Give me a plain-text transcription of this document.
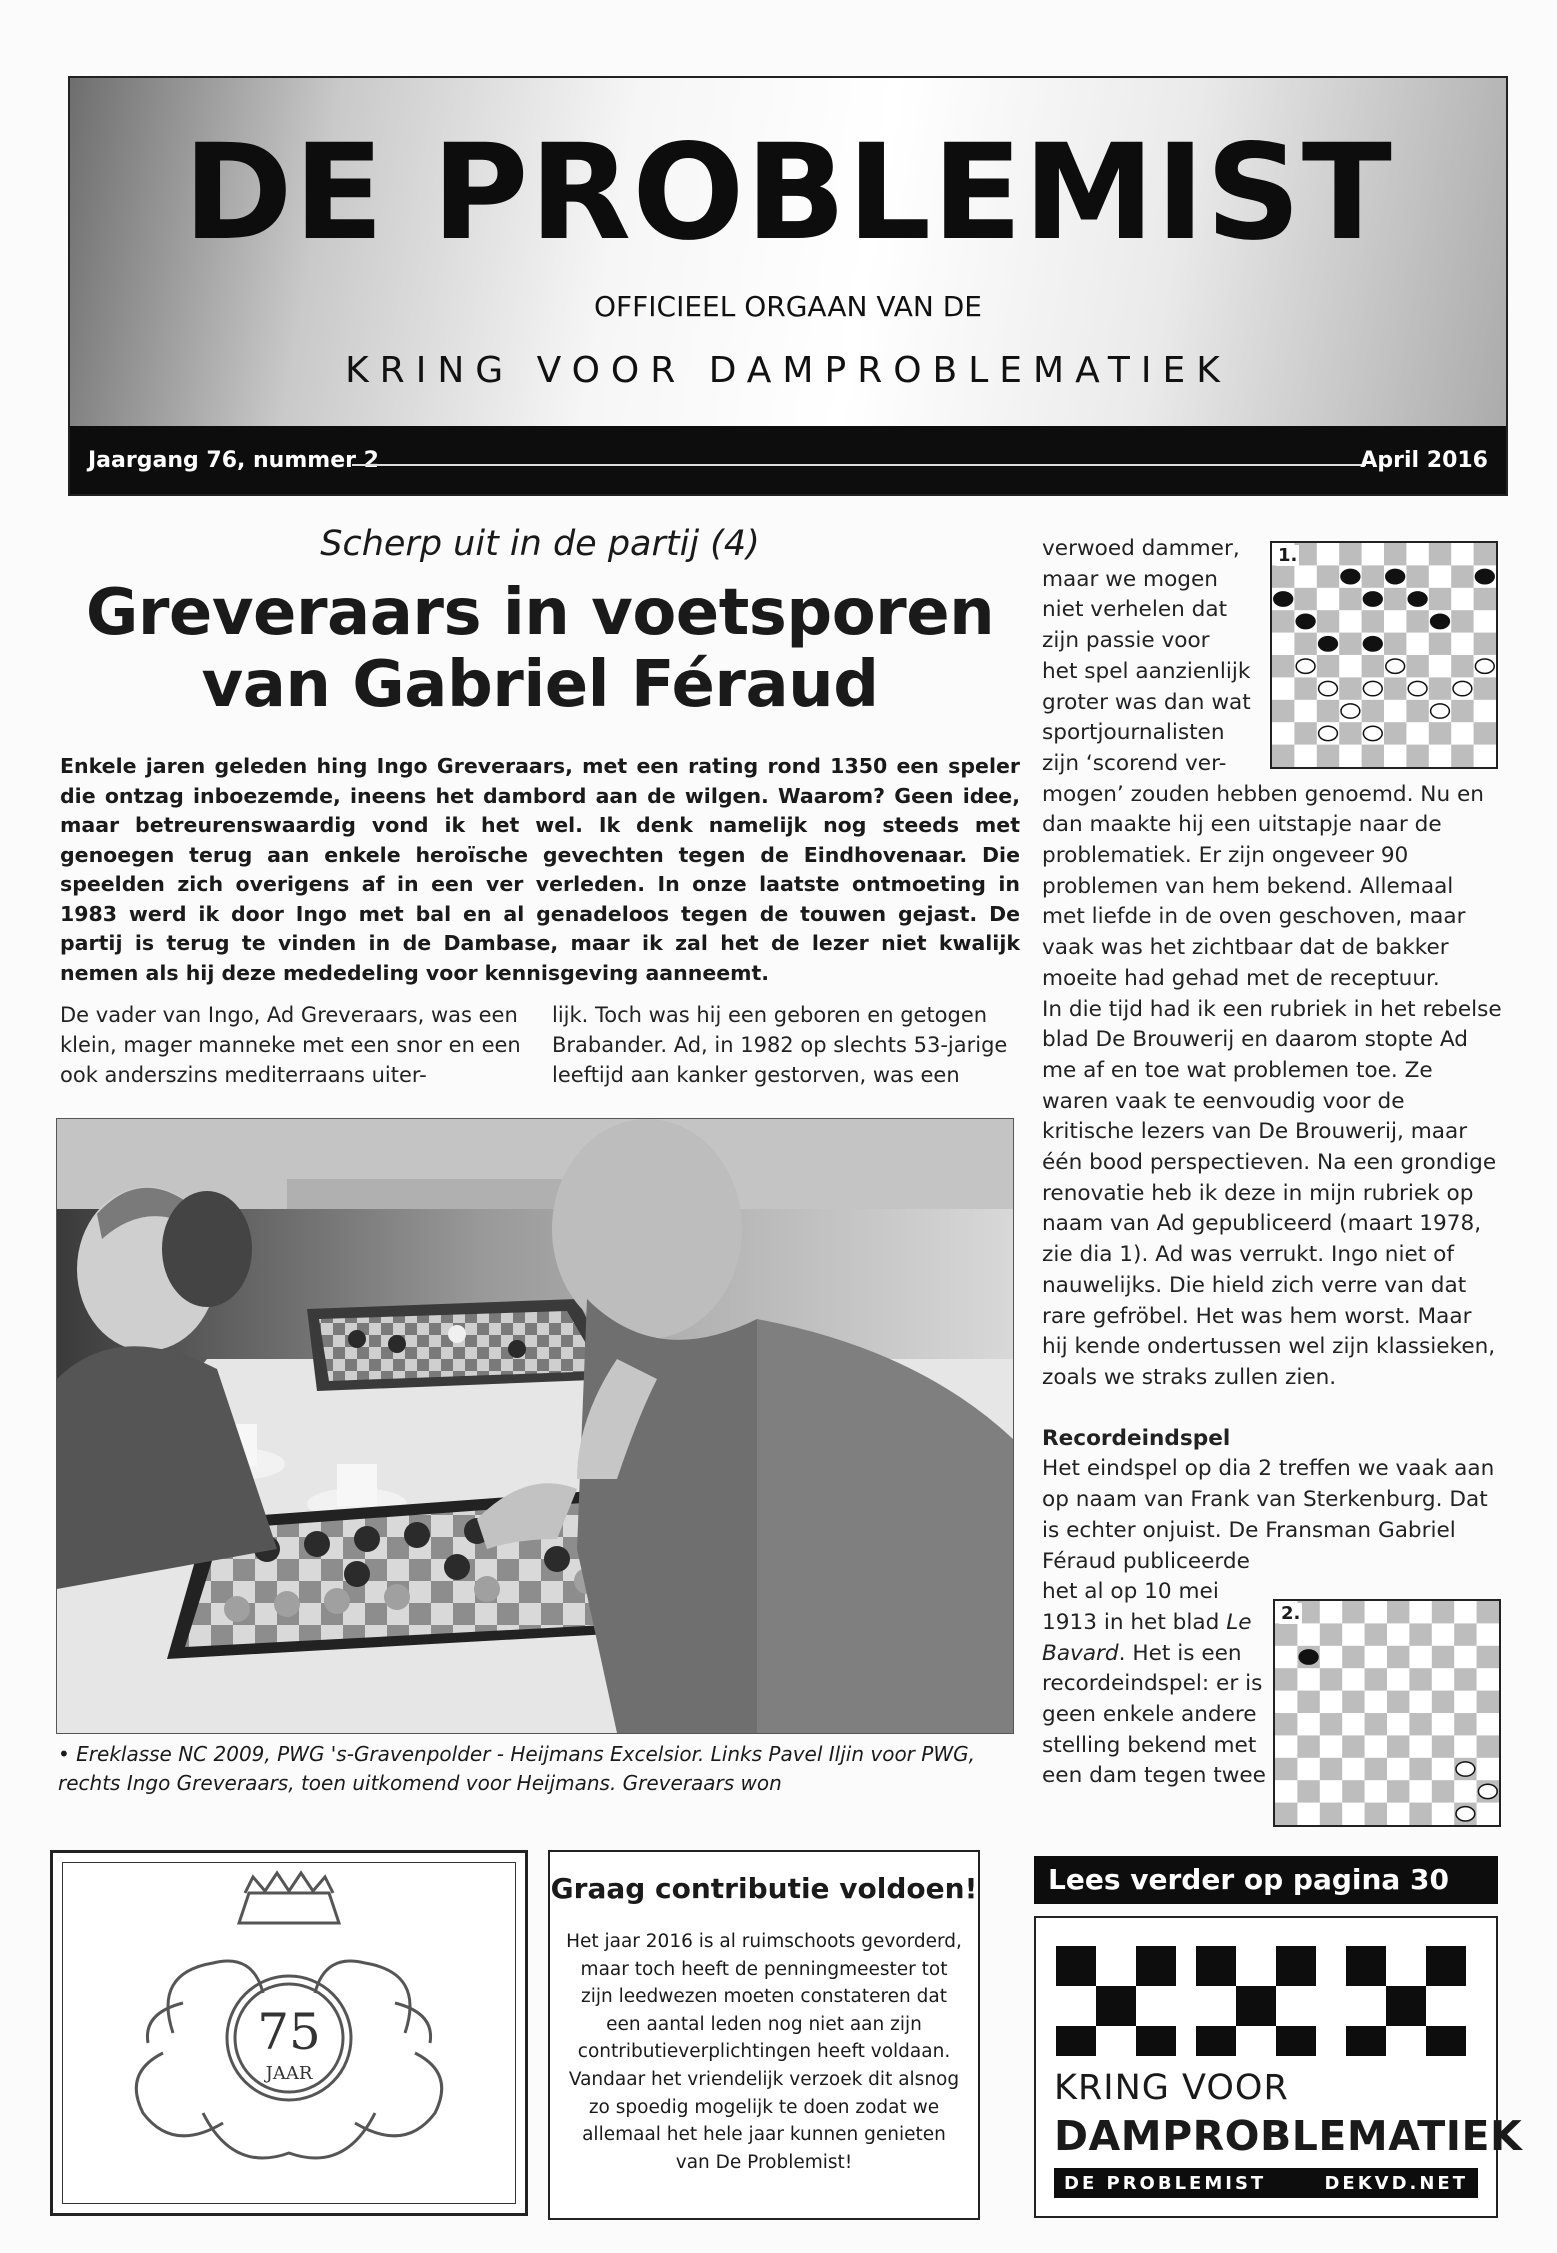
DE PROBLEMIST
OFFICIEEL ORGAAN VAN DE
KRING VOOR DAMPROBLEMATIEK
Jaargang 76, nummer 2	April 2016
Scherp uit in de partij (4)
Greveraars in voetsporen van Gabriel Féraud
Enkele jaren geleden hing Ingo Greveraars, met een rating rond 1350 een speler die ontzag inboezemde, ineens het dambord aan de wilgen. Waarom? Geen idee, maar betreurenswaardig vond ik het wel. Ik denk namelijk nog steeds met genoegen terug aan enkele heroïsche gevechten tegen de Eindhovenaar. Die speelden zich overigens af in een ver verleden. In onze laatste ontmoeting in 1983 werd ik door Ingo met bal en al genadeloos tegen de touwen gejast. De partij is terug te vinden in de Dambase, maar ik zal het de lezer niet kwalijk nemen als hij deze mededeling voor kennisgeving aanneemt.
De vader van Ingo, Ad Greveraars, was een klein, mager manneke met een snor en een ook anderszins mediterraans uiter-
lijk. Toch was hij een geboren en getogen Brabander. Ad, in 1982 op slechts 53-jarige leeftijd aan kanker gestorven, was een
• Ereklasse NC 2009, PWG 's-Gravenpolder - Heijmans Excelsior. Links Pavel Iljin voor PWG,
rechts Ingo Greveraars, toen uitkomend voor Heijmans. Greveraars won

verwoed dammer,
maar we mogen
niet verhelen dat
zijn passie voor
het spel aanzienlijk
groter was dan wat
sportjournalisten
zijn ‘scorend ver-

mogen’ zouden hebben genoemd. Nu en dan maakte hij een uitstapje naar de problematiek. Er zijn ongeveer 90 problemen van hem bekend. Allemaal met liefde in de oven geschoven, maar vaak was het zichtbaar dat de bakker moeite had gehad met de receptuur.

In die tijd had ik een rubriek in het rebelse blad De Brouwerij en daarom stopte Ad me af en toe wat problemen toe. Ze waren vaak te eenvoudig voor de kritische lezers van De Brouwerij, maar één bood perspectieven. Na een grondige renovatie heb ik deze in mijn rubriek op naam van Ad gepubliceerd (maart 1978, zie dia 1). Ad was verrukt. Ingo niet of nauwelijks. Die hield zich verre van dat rare gefröbel. Het was hem worst. Maar hij kende ondertussen wel zijn klassieken, zoals we straks zullen zien.

Recordeindspel

Het eindspel op dia 2 treffen we vaak aan op naam van Frank van Sterkenburg. Dat is echter onjuist. De Fransman Gabriel

Féraud publiceerde
het al op 10 mei
1913 in het blad Le
Bavard. Het is een
recordeindspel: er is
geen enkele andere
stelling bekend met
een dam tegen twee

1.
2.
75
JAAR
Graag contributie voldoen!
Het jaar 2016 is al ruimschoots gevorderd, maar toch heeft de penningmeester tot zijn leedwezen moeten constateren dat een aantal leden nog niet aan zijn contributieverplichtingen heeft voldaan. Vandaar het vriendelijk verzoek dit alsnog zo spoedig mogelijk te doen zodat we allemaal het hele jaar kunnen genieten van De Problemist!
Lees verder op pagina 30
KRING VOOR
DAMPROBLEMATIEK
DE PROBLEMIST	DEKVD.NET
